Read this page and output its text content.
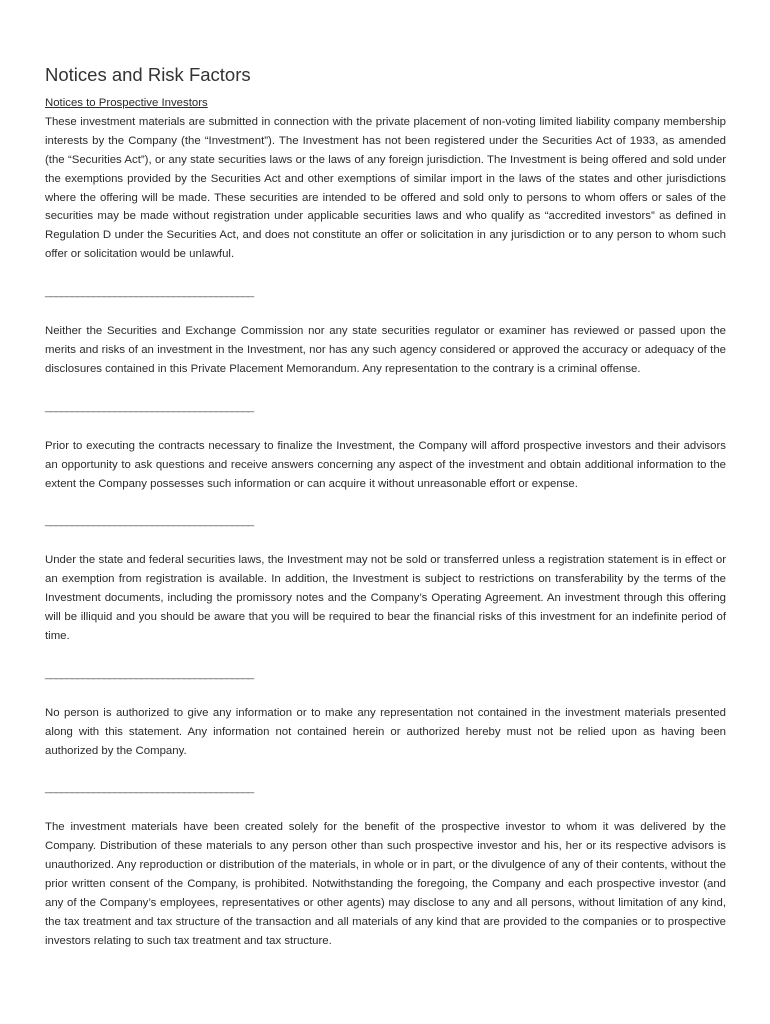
Notices and Risk Factors

Notices to Prospective Investors

These investment materials are submitted in connection with the private placement of non-voting limited liability company membership interests by the Company (the “Investment”). The Investment has not been registered under the Securities Act of 1933, as amended (the “Securities Act”), or any state securities laws or the laws of any foreign jurisdiction. The Investment is being offered and sold under the exemptions provided by the Securities Act and other exemptions of similar import in the laws of the states and other jurisdictions where the offering will be made. These securities are intended to be offered and sold only to persons to whom offers or sales of the securities may be made without registration under applicable securities laws and who qualify as “accredited investors” as defined in Regulation D under the Securities Act, and does not constitute an offer or solicitation in any jurisdiction or to any person to whom such offer or solicitation would be unlawful.

_______________________________________

Neither the Securities and Exchange Commission nor any state securities regulator or examiner has reviewed or passed upon the merits and risks of an investment in the Investment, nor has any such agency considered or approved the accuracy or adequacy of the disclosures contained in this Private Placement Memorandum. Any representation to the contrary is a criminal offense.

_______________________________________

Prior to executing the contracts necessary to finalize the Investment, the Company will afford prospective investors and their advisors an opportunity to ask questions and receive answers concerning any aspect of the investment and obtain additional information to the extent the Company possesses such information or can acquire it without unreasonable effort or expense.

_______________________________________

Under the state and federal securities laws, the Investment may not be sold or transferred unless a registration statement is in effect or an exemption from registration is available. In addition, the Investment is subject to restrictions on transferability by the terms of the Investment documents, including the promissory notes and the Company’s Operating Agreement. An investment through this offering will be illiquid and you should be aware that you will be required to bear the financial risks of this investment for an indefinite period of time.

_______________________________________

No person is authorized to give any information or to make any representation not contained in the investment materials presented along with this statement. Any information not contained herein or authorized hereby must not be relied upon as having been authorized by the Company.

_______________________________________

The investment materials have been created solely for the benefit of the prospective investor to whom it was delivered by the Company. Distribution of these materials to any person other than such prospective investor and his, her or its respective advisors is unauthorized. Any reproduction or distribution of the materials, in whole or in part, or the divulgence of any of their contents, without the prior written consent of the Company, is prohibited. Notwithstanding the foregoing, the Company and each prospective investor (and any of the Company’s employees, representatives or other agents) may disclose to any and all persons, without limitation of any kind, the tax treatment and tax structure of the transaction and all materials of any kind that are provided to the companies or to prospective investors relating to such tax treatment and tax structure.
